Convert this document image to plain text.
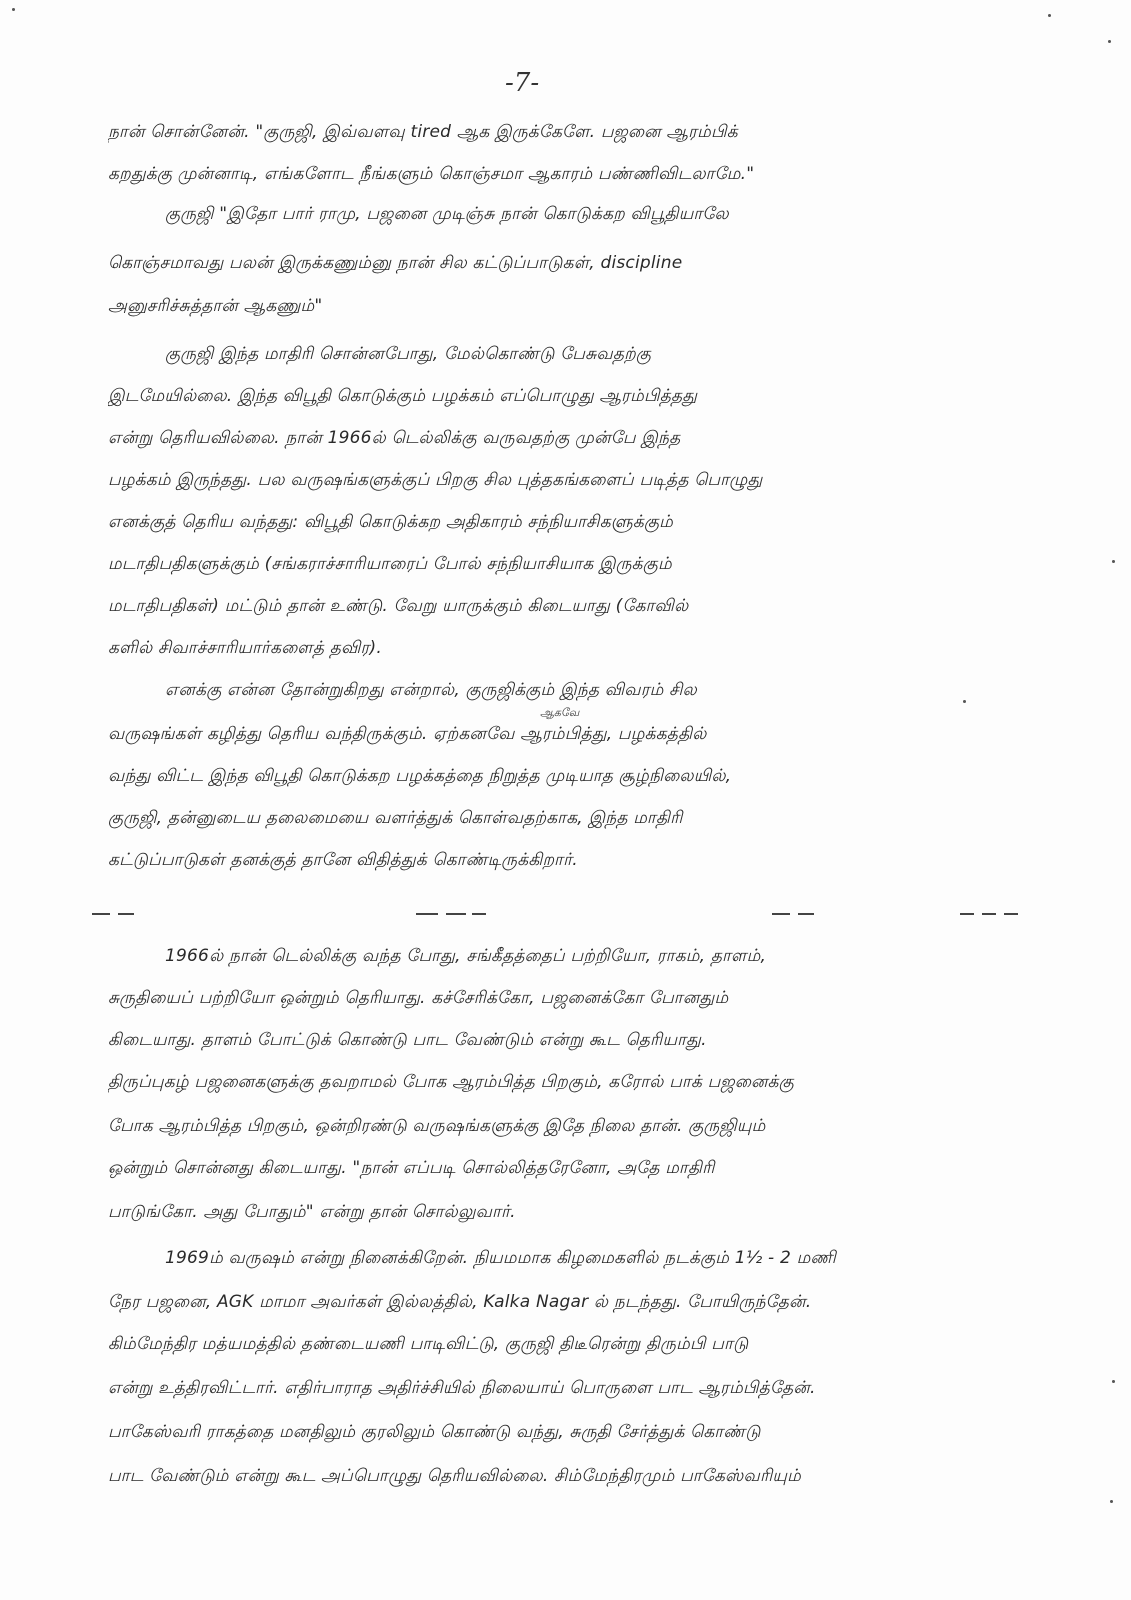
-7-
நான் சொன்னேன். "குருஜி, இவ்வளவு tired ஆக இருக்கேளே. பஜனை ஆரம்பிக்
கறதுக்கு முன்னாடி, எங்களோட நீங்களும் கொஞ்சமா ஆகாரம் பண்ணிவிடலாமே."
குருஜி "இதோ பார் ராமு, பஜனை முடிஞ்சு நான் கொடுக்கற விபூதியாலே
கொஞ்சமாவது பலன் இருக்கணும்னு நான் சில கட்டுப்பாடுகள், discipline
அனுசரிச்சுத்தான் ஆகணும்"
குருஜி இந்த மாதிரி சொன்னபோது, மேல்கொண்டு பேசுவதற்கு
இடமேயில்லை. இந்த விபூதி கொடுக்கும் பழக்கம் எப்பொழுது ஆரம்பித்தது
என்று தெரியவில்லை. நான் 1966ல் டெல்லிக்கு வருவதற்கு முன்பே இந்த
பழக்கம் இருந்தது. பல வருஷங்களுக்குப் பிறகு சில புத்தகங்களைப் படித்த பொழுது
எனக்குத் தெரிய வந்தது: விபூதி கொடுக்கற அதிகாரம் சந்நியாசிகளுக்கும்
மடாதிபதிகளுக்கும் (சங்கராச்சாரியாரைப் போல் சந்நியாசியாக இருக்கும்
மடாதிபதிகள்) மட்டும் தான் உண்டு. வேறு யாருக்கும் கிடையாது (கோவில்
களில் சிவாச்சாரியார்களைத் தவிர).
எனக்கு என்ன தோன்றுகிறது என்றால், குருஜிக்கும் இந்த விவரம் சில
ஆகவே
வருஷங்கள் கழித்து தெரிய வந்திருக்கும். ஏற்கனவே ஆரம்பித்து, பழக்கத்தில்
வந்து விட்ட இந்த விபூதி கொடுக்கற பழக்கத்தை நிறுத்த முடியாத சூழ்நிலையில்,
குருஜி, தன்னுடைய தலைமையை வளர்த்துக் கொள்வதற்காக, இந்த மாதிரி
கட்டுப்பாடுகள் தனக்குத் தானே விதித்துக் கொண்டிருக்கிறார்.
1966ல் நான் டெல்லிக்கு வந்த போது, சங்கீதத்தைப் பற்றியோ, ராகம், தாளம்,
சுருதியைப் பற்றியோ ஒன்றும் தெரியாது. கச்சேரிக்கோ, பஜனைக்கோ போனதும்
கிடையாது. தாளம் போட்டுக் கொண்டு பாட வேண்டும் என்று கூட தெரியாது.
திருப்புகழ் பஜனைகளுக்கு தவறாமல் போக ஆரம்பித்த பிறகும், கரோல் பாக் பஜனைக்கு
போக ஆரம்பித்த பிறகும், ஒன்றிரண்டு வருஷங்களுக்கு இதே நிலை தான். குருஜியும்
ஒன்றும் சொன்னது கிடையாது. "நான் எப்படி சொல்லித்தரேனோ, அதே மாதிரி
பாடுங்கோ. அது போதும்" என்று தான் சொல்லுவார்.
1969ம் வருஷம் என்று நினைக்கிறேன். நியமமாக கிழமைகளில் நடக்கும் 1½ - 2 மணி
நேர பஜனை, AGK மாமா அவர்கள் இல்லத்தில், Kalka Nagar ல் நடந்தது. போயிருந்தேன்.
கிம்மேந்திர மத்யமத்தில் தண்டையணி பாடிவிட்டு, குருஜி திடீரென்று திரும்பி பாடு
என்று உத்திரவிட்டார். எதிர்பாராத அதிர்ச்சியில் நிலையாய் பொருளை பாட ஆரம்பித்தேன்.
பாகேஸ்வரி ராகத்தை மனதிலும் குரலிலும் கொண்டு வந்து, சுருதி சேர்த்துக் கொண்டு
பாட வேண்டும் என்று கூட அப்பொழுது தெரியவில்லை. சிம்மேந்திரமும் பாகேஸ்வரியும்
